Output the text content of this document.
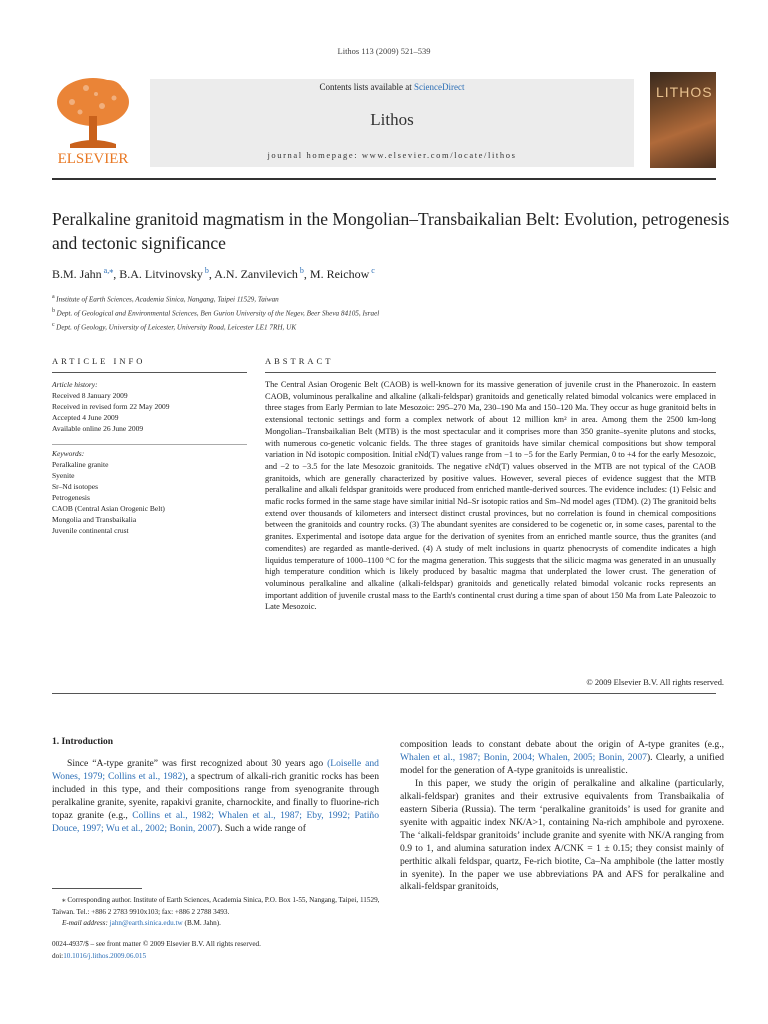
Lithos 113 (2009) 521–539
ELSEVIER
Contents lists available at ScienceDirect
Lithos
journal homepage: www.elsevier.com/locate/lithos
LITHOS
Peralkaline granitoid magmatism in the Mongolian–Transbaikalian Belt: Evolution, petrogenesis and tectonic significance
B.M. Jahn $^{a,⁎}$, B.A. Litvinovsky $^b$, A.N. Zanvilevich $^b$, M. Reichow $^c$
$^a$ Institute of Earth Sciences, Academia Sinica, Nangang, Taipei 11529, Taiwan
$^b$ Dept. of Geological and Environmental Sciences, Ben Gurion University of the Negev, Beer Sheva 84105, Israel
$^c$ Dept. of Geology, University of Leicester, University Road, Leicester LE1 7RH, UK
ARTICLE INFO	ABSTRACT
Article history:
Received 8 January 2009
Received in revised form 22 May 2009
Accepted 4 June 2009
Available online 26 June 2009
Keywords:
Peralkaline granite
Syenite
Sr–Nd isotopes
Petrogenesis
CAOB (Central Asian Orogenic Belt)
Mongolia and Transbaikalia
Juvenile continental crust
The Central Asian Orogenic Belt (CAOB) is well-known for its massive generation of juvenile crust in the Phanerozoic. In eastern CAOB, voluminous peralkaline and alkaline (alkali-feldspar) granitoids and genetically related bimodal volcanics were emplaced in three stages from Early Permian to late Mesozoic: 295–270 Ma, 230–190 Ma and 150–120 Ma. They occur as huge granitoid belts in extensional tectonic settings and form a complex network of about 12 million km² in area. Among them the 2500 km-long Mongolian–Transbaikalian Belt (MTB) is the most spectacular and it comprises more than 350 granite–syenite plutons and stocks, with numerous co-genetic volcanic fields. The three stages of granitoids have similar chemical compositions but show temporal variation in Nd isotopic composition. Initial εNd(T) values range from −1 to −5 for the Early Permian, 0 to +4 for the early Mesozoic, and −2 to −3.5 for the late Mesozoic granitoids. The negative εNd(T) values observed in the MTB are not typical of the CAOB granitoids, which are generally characterized by positive values. However, several pieces of evidence suggest that the MTB peralkaline and alkali feldspar granitoids were produced from enriched mantle-derived sources. The evidence includes: (1) Felsic and mafic rocks formed in the same stage have similar initial Nd–Sr isotopic ratios and Sm–Nd model ages (TDM). (2) The granitoid belts extend over thousands of kilometers and intersect distinct crustal provinces, but no correlation is found in chemical compositions between the granitoids and country rocks. (3) The abundant syenites are considered to be cogenetic or, in some cases, parental to the granites. Experimental and isotope data argue for the derivation of syenites from an enriched mantle source, thus the granites (and comendites) are regarded as mantle-derived. (4) A study of melt inclusions in quartz phenocrysts of comendite indicates a high liquidus temperature of 1000–1100 °C for the magma generation. This suggests that the silicic magma was generated in an unusually high temperature condition which is likely produced by basaltic magma that underplated the lower crust. The generation of voluminous peralkaline and alkaline (alkali-feldspar) granitoids and genetically related bimodal volcanic rocks represents an important addition of juvenile crustal mass to the Earth's continental crust during a time span of about 150 Ma from Late Paleozoic to Late Mesozoic.
© 2009 Elsevier B.V. All rights reserved.
1. Introduction

Since “A-type granite” was first recognized about 30 years ago (Loiselle and Wones, 1979; Collins et al., 1982), a spectrum of alkali-rich granitic rocks has been included in this type, and their compositions range from syenogranite through peralkaline granite, syenite, rapakivi granite, charnockite, and finally to fluorine-rich topaz granite (e.g., Collins et al., 1982; Whalen et al., 1987; Eby, 1992; Patiño Douce, 1997; Wu et al., 2002; Bonin, 2007). Such a wide range of

composition leads to constant debate about the origin of A-type granites (e.g., Whalen et al., 1987; Bonin, 2004; Whalen, 2005; Bonin, 2007). Clearly, a unified model for the generation of A-type granitoids is unrealistic.

In this paper, we study the origin of peralkaline and alkaline (particularly, alkali-feldspar) granites and their extrusive equivalents from Transbaikalia of eastern Siberia (Russia). The term ‘peralkaline granitoids’ is used for granite and syenite with agpaitic index NK/A>1, containing Na-rich amphibole and pyroxene. The ‘alkali-feldspar granitoids’ include granite and syenite with NK/A ranging from 0.9 to 1, and alumina saturation index A/CNK = 1 ± 0.15; they consist mainly of perthitic alkali feldspar, quartz, Fe-rich biotite, Ca–Na amphibole (the latter mostly in syenite). In the paper we use abbreviations PA and AFS for peralkaline and alkali-feldspar granitoids,

⁎ Corresponding author. Institute of Earth Sciences, Academia Sinica, P.O. Box 1-55, Nangang, Taipei, 11529, Taiwan. Tel.: +886 2 2783 9910x103; fax: +886 2 2788 3493.
E-mail address: jahn@earth.sinica.edu.tw (B.M. Jahn).
0024-4937/$ – see front matter © 2009 Elsevier B.V. All rights reserved.
doi:10.1016/j.lithos.2009.06.015
